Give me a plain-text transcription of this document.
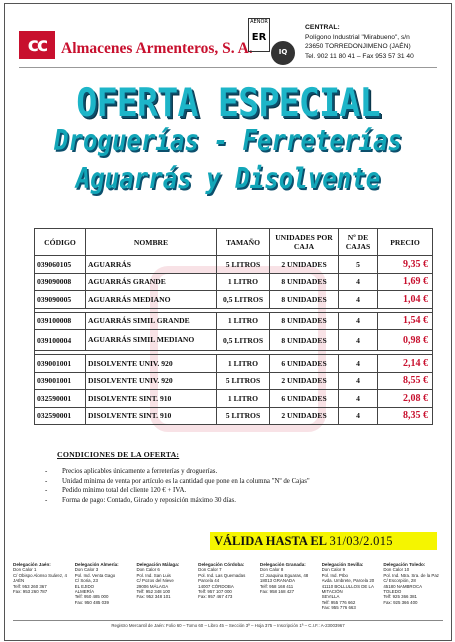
cc Almacenes Armenteros, S. A.
AENOR
ER
IQ
CENTRAL:
Polígono Industrial "Mirabueno", s/n
23650 TORREDONJIMENO (JAÉN)
Tel. 902 11 80 41 – Fax 953 57 31 40
OFERTA ESPECIAL
Droguerías - Ferreterías
Aguarrás y Disolvente
CÓDIGO	NOMBRE	TAMAÑO	UNIDADES POR CAJA	Nº DE CAJAS	PRECIO
039060105	AGUARRÁS	5 LITROS	2 UNIDADES	5	9,35 €
039090008	AGUARRÁS GRANDE	1 LITRO	8 UNIDADES	4	1,69 €
039090005	AGUARRÁS MEDIANO	0,5 LITROS	8 UNIDADES	4	1,04 €

039100008	AGUARRÁS SIMIL GRANDE	1 LITRO	8 UNIDADES	4	1,54 €
039100004	AGUARRÁS SIMIL MEDIANO	0,5 LITROS	8 UNIDADES	4	0,98 €

039001001	DISOLVENTE UNIV. 920	1 LITRO	6 UNIDADES	4	2,14 €
039001001	DISOLVENTE UNIV. 920	5 LITROS	2 UNIDADES	4	8,55 €
032590001	DISOLVENTE SINT. 910	1 LITRO	6 UNIDADES	4	2,08 €
032590001	DISOLVENTE SINT. 910	5 LITROS	2 UNIDADES	4	8,35 €
CONDICIONES DE LA OFERTA:
- Precios aplicables únicamente a ferreterías y droguerías.
- Unidad mínima de venta por artículo es la cantidad que pone en la columna "Nº de Cajas"
- Pedido mínimo total del cliente 120 € + IVA.
- Forma de pago: Contado, Girado y reposición máximo 30 días.
VÁLIDA HASTA EL 31/03/2.015
Delegación Jaén:
Don Calor 1
C/ Obispo Alonso Suárez, 4
JAÉN
Telf: 953 260 367
Fax: 953 260 787
Delegación Almería:
Don Calor 3
Pol. Ind. Venta Gago
C/ Soria, 23
EL EJIDO
ALMERÍA
Telf: 950 485 000
Fax: 950 485 039
Delegación Málaga:
Don Calor 6
Pol. Ind. San Luis
C/ Pozos del Nieve
29006 MÁLAGA
Telf: 952 348 100
Fax: 952 348 101
Delegación Córdoba:
Don Calor 7
Pol. Ind. Las Quemadas
Parcela 44
14007 CÓRDOBA
Telf: 957 107 000
Fax: 957 467 473
Delegación Granada:
Don Calor 8
C/ Joaquina Eguaras, 48
18013 GRANADA
Telf: 958 168 411
Fax: 958 168 427
Delegación Sevilla:
Don Calor 9
Pol. Ind. PIbo
Avda. Umbrete, Parcela 20
41110 BOLLULLOS DE LA MITACIÓN
SEVILLA
Telf: 955 776 662
Fax: 955 776 663
Delegación Toledo:
Don Calor 10
Pol. Ind. Ntra. Sra. de la Paz
C/ Escorpión, 28
45180 NAMBROCA
TOLEDO
Telf: 925 366 381
Fax: 925 366 400
Registro Mercantil de Jaén: Folio 60 – Tomo 60 – Libro 45 – Sección 3ª – Hoja 375 – Inscripción 1ª – C.I.F.: A-23003967
